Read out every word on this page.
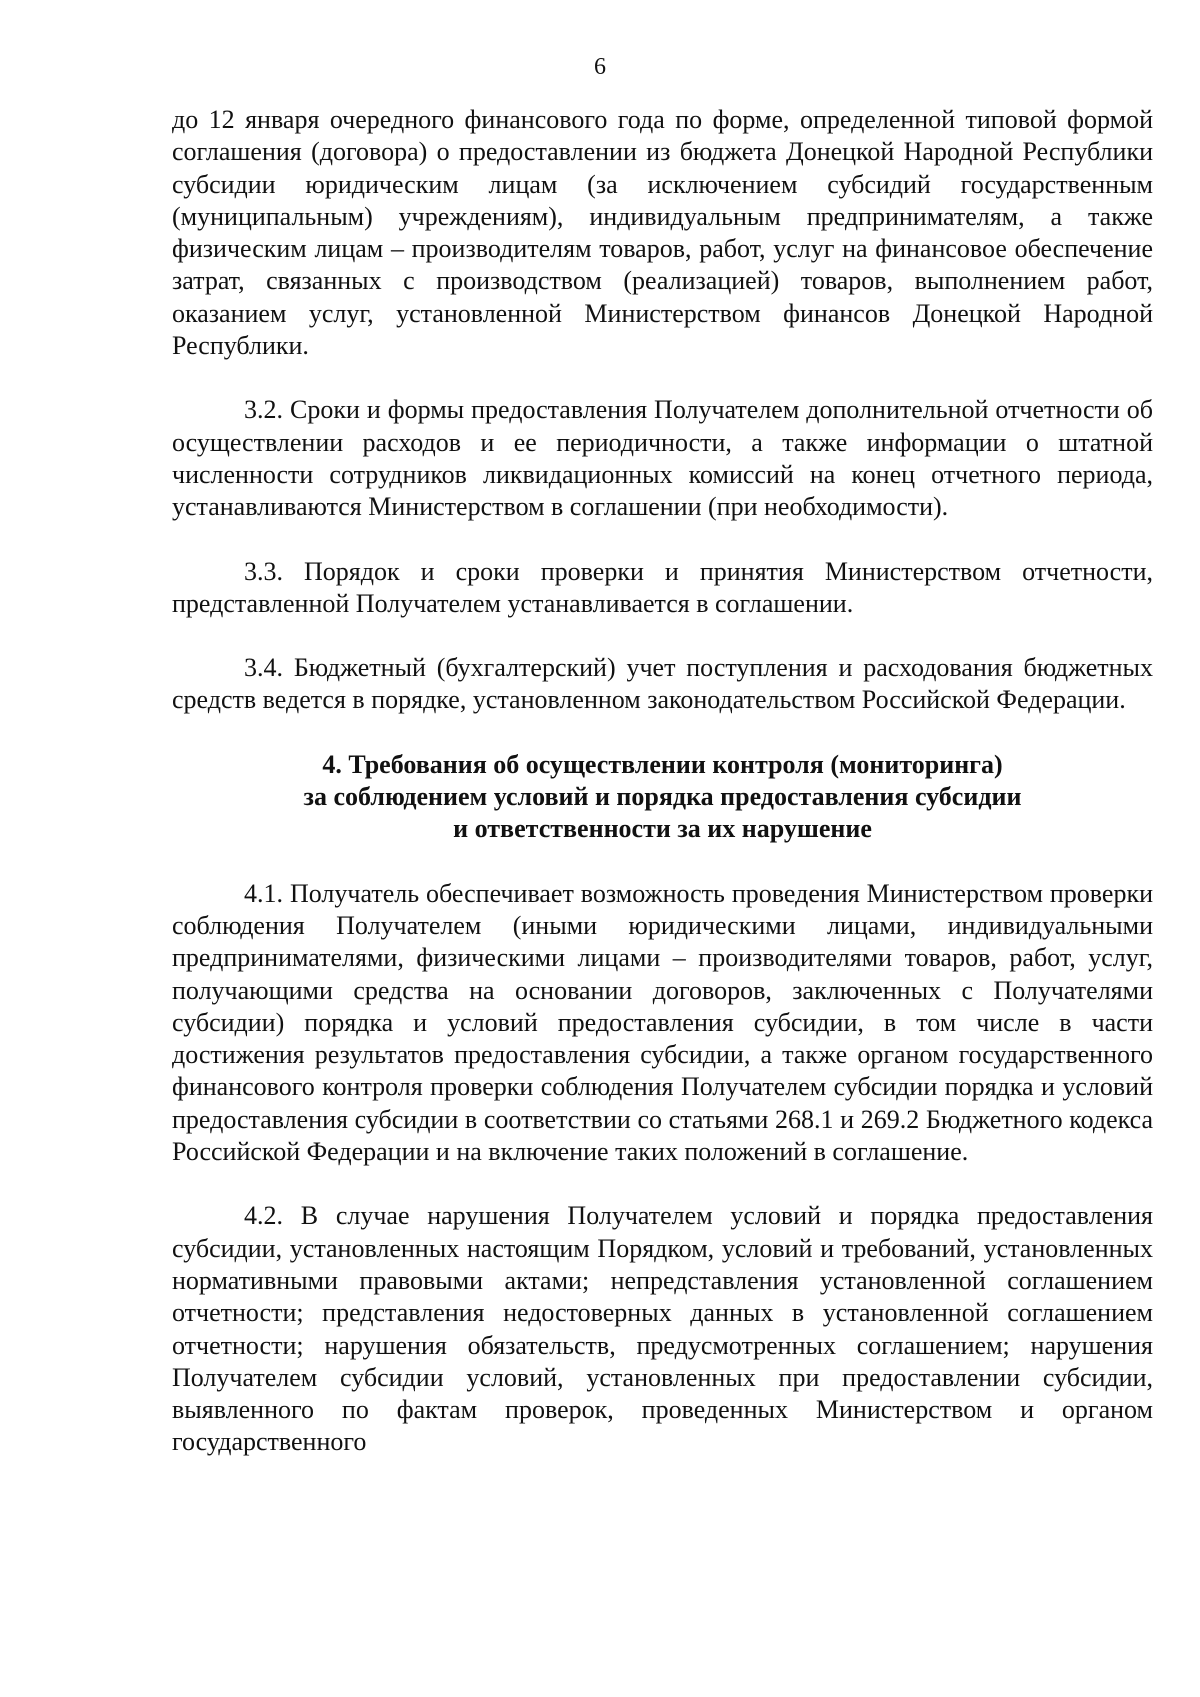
6

до 12 января очередного финансового года по форме, определенной типовой формой соглашения (договора) о предоставлении из бюджета Донецкой Народной Республики субсидии юридическим лицам (за исключением субсидий государственным (муниципальным) учреждениям), индивидуальным предпринимателям, а также физическим лицам – производителям товаров, работ, услуг на финансовое обеспечение затрат, связанных с производством (реализацией) товаров, выполнением работ, оказанием услуг, установленной Министерством финансов Донецкой Народной Республики.

3.2. Сроки и формы предоставления Получателем дополнительной отчетности об осуществлении расходов и ее периодичности, а также информации о штатной численности сотрудников ликвидационных комиссий на конец отчетного периода, устанавливаются Министерством в соглашении (при необходимости).

3.3. Порядок и сроки проверки и принятия Министерством отчетности, представленной Получателем устанавливается в соглашении.

3.4. Бюджетный (бухгалтерский) учет поступления и расходования бюджетных средств ведется в порядке, установленном законодательством Российской Федерации.

4. Требования об осуществлении контроля (мониторинга)
за соблюдением условий и порядка предоставления субсидии
и ответственности за их нарушение

4.1. Получатель обеспечивает возможность проведения Министерством проверки соблюдения Получателем (иными юридическими лицами, индивидуальными предпринимателями, физическими лицами – производителями товаров, работ, услуг, получающими средства на основании договоров, заключенных с Получателями субсидии) порядка и условий предоставления субсидии, в том числе в части достижения результатов предоставления субсидии, а также органом государственного финансового контроля проверки соблюдения Получателем субсидии порядка и условий предоставления субсидии в соответствии со статьями 268.1 и 269.2 Бюджетного кодекса Российской Федерации и на включение таких положений в соглашение.

4.2. В случае нарушения Получателем условий и порядка предоставления субсидии, установленных настоящим Порядком, условий и требований, установленных нормативными правовыми актами; непредставления установленной соглашением отчетности; представления недостоверных данных в установленной соглашением отчетности; нарушения обязательств, предусмотренных соглашением; нарушения Получателем субсидии условий, установленных при предоставлении субсидии, выявленного по фактам проверок, проведенных Министерством и органом государственного
